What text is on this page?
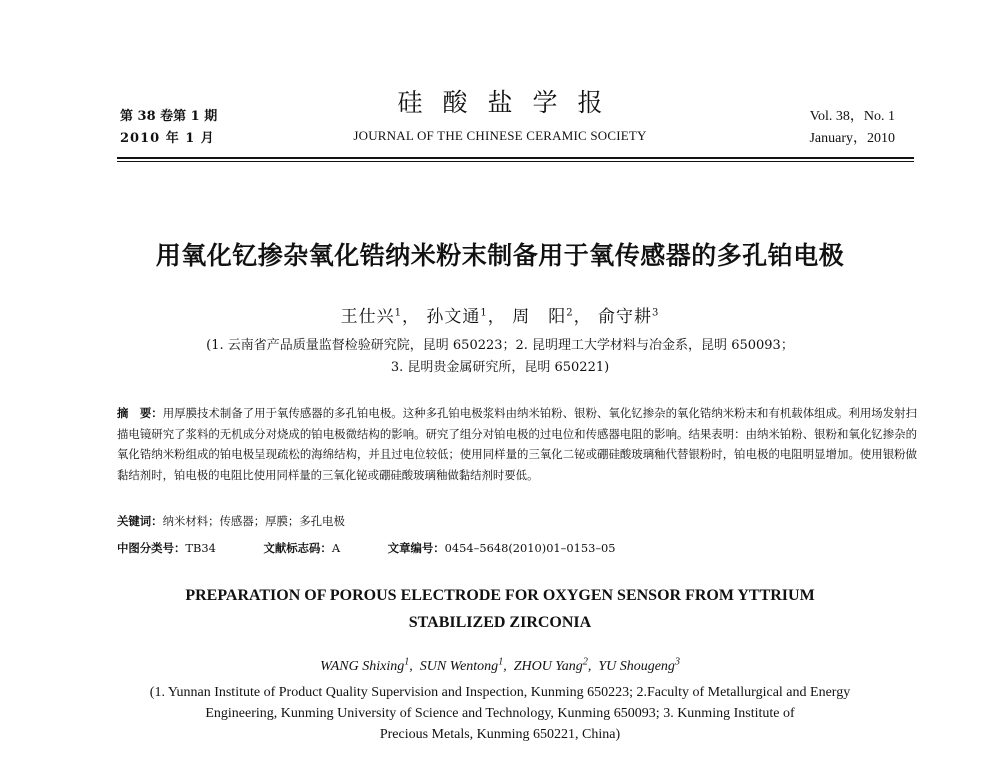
第 38 卷第 1 期
2010 年 1 月
硅酸盐学报
JOURNAL OF THE CHINESE CERAMIC SOCIETY
Vol. 38，No. 1
January，2010
用氧化钇掺杂氧化锆纳米粉末制备用于氧传感器的多孔铂电极
王仕兴$^1$， 孙文通$^1$， 周　阳$^2$， 俞守耕$^3$
(1. 云南省产品质量监督检验研究院，昆明 650223；2. 昆明理工大学材料与冶金系，昆明 650093；
3. 昆明贵金属研究所，昆明 650221)
摘　要：用厚膜技术制备了用于氧传感器的多孔铂电极。这种多孔铂电极浆料由纳米铂粉、银粉、氧化钇掺杂的氧化锆纳米粉末和有机载体组成。利用场发射扫描电镜研究了浆料的无机成分对烧成的铂电极微结构的影响。研究了组分对铂电极的过电位和传感器电阻的影响。结果表明：由纳米铂粉、银粉和氧化钇掺杂的氧化锆纳米粉组成的铂电极呈现疏松的海绵结构，并且过电位较低；使用同样量的三氧化二铋或硼硅酸玻璃釉代替银粉时，铂电极的电阻明显增加。使用银粉做黏结剂时，铂电极的电阻比使用同样量的三氧化铋或硼硅酸玻璃釉做黏结剂时要低。
关键词：纳米材料；传感器；厚膜；多孔电极
中图分类号：TB34	文献标志码：A	文章编号：0454–5648(2010)01–0153–05
PREPARATION OF POROUS ELECTRODE FOR OXYGEN SENSOR FROM YTTRIUM
STABILIZED ZIRCONIA
WANG Shixing$^1$,  SUN Wentong$^1$,  ZHOU Yang$^2$,  YU Shougeng$^3$
(1. Yunnan Institute of Product Quality Supervision and Inspection, Kunming 650223; 2.Faculty of Metallurgical and Energy
Engineering, Kunming University of Science and Technology, Kunming 650093; 3. Kunming Institute of
Precious Metals, Kunming 650221, China)
